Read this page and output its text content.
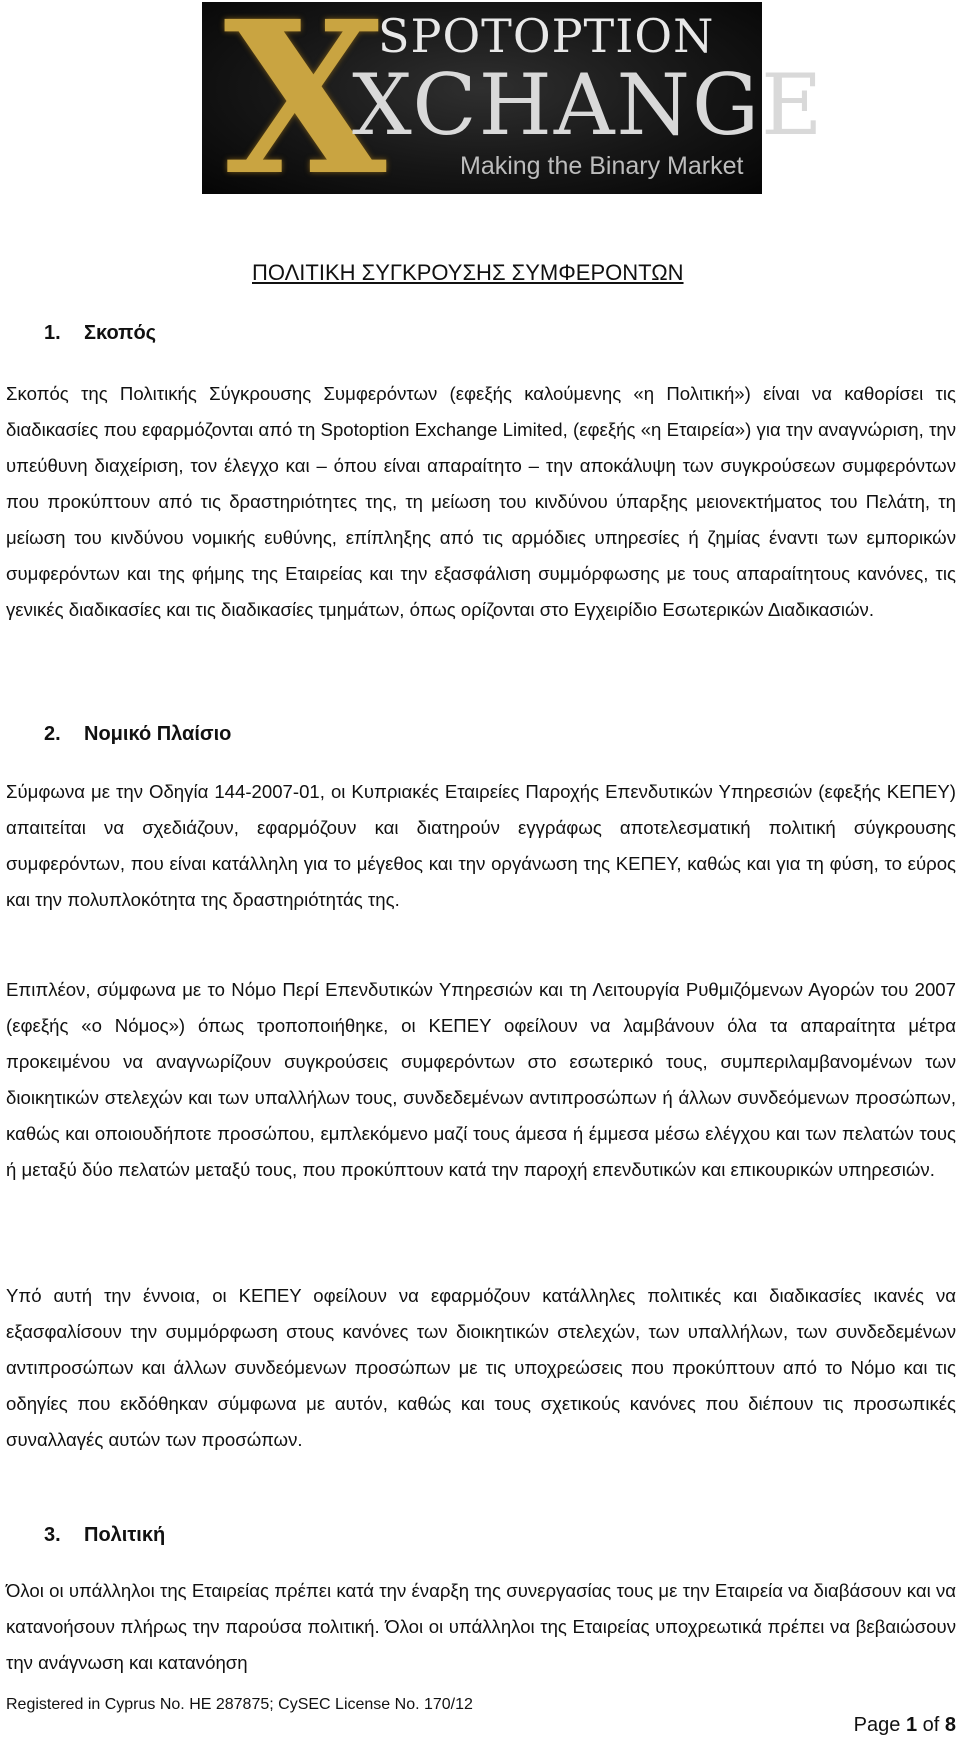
X
SPOTOPTION
XCHANGE
Making the Binary Market
ΠΟΛΙΤΙΚΗ ΣΥΓΚΡΟΥΣΗΣ ΣΥΜΦΕΡΟΝΤΩΝ
1. Σκοπός

Σκοπός της Πολιτικής Σύγκρουσης Συμφερόντων (εφεξής καλούμενης «η Πολιτική») είναι να καθορίσει τις διαδικασίες που εφαρμόζονται από τη Spotoption Exchange Limited, (εφεξής «η Εταιρεία») για την αναγνώριση, την υπεύθυνη διαχείριση, τον έλεγχο και – όπου είναι απαραίτητο – την αποκάλυψη των συγκρούσεων συμφερόντων που προκύπτουν από τις δραστηριότητες της, τη μείωση του κινδύνου ύπαρξης μειονεκτήματος του Πελάτη, τη μείωση του κινδύνου νομικής ευθύνης, επίπληξης από τις αρμόδιες υπηρεσίες ή ζημίας έναντι των εμπορικών συμφερόντων και της φήμης της Εταιρείας και την εξασφάλιση συμμόρφωσης με τους απαραίτητους κανόνες, τις γενικές διαδικασίες και τις διαδικασίες τμημάτων, όπως ορίζονται στο Εγχειρίδιο Εσωτερικών Διαδικασιών.

2. Νομικό Πλαίσιο

Σύμφωνα με την Οδηγία 144-2007-01, οι Κυπριακές Εταιρείες Παροχής Επενδυτικών Υπηρεσιών (εφεξής ΚΕΠΕΥ) απαιτείται να σχεδιάζουν, εφαρμόζουν και διατηρούν εγγράφως αποτελεσματική πολιτική σύγκρουσης συμφερόντων, που είναι κατάλληλη για το μέγεθος και την οργάνωση της ΚΕΠΕΥ, καθώς και για τη φύση, το εύρος και την πολυπλοκότητα της δραστηριότητάς της.

Επιπλέον, σύμφωνα με το Νόμο Περί Επενδυτικών Υπηρεσιών και τη Λειτουργία Ρυθμιζόμενων Αγορών του 2007 (εφεξής «ο Νόμος») όπως τροποποιήθηκε, οι ΚΕΠΕΥ οφείλουν να λαμβάνουν όλα τα απαραίτητα μέτρα προκειμένου να αναγνωρίζουν συγκρούσεις συμφερόντων στο εσωτερικό τους, συμπεριλαμβανομένων των διοικητικών στελεχών και των υπαλλήλων τους, συνδεδεμένων αντιπροσώπων ή άλλων συνδεόμενων προσώπων, καθώς και οποιουδήποτε προσώπου, εμπλεκόμενο μαζί τους άμεσα ή έμμεσα μέσω ελέγχου και των πελατών τους ή μεταξύ δύο πελατών μεταξύ τους, που προκύπτουν κατά την παροχή επενδυτικών και επικουρικών υπηρεσιών.

Υπό αυτή την έννοια, οι ΚΕΠΕΥ οφείλουν να εφαρμόζουν κατάλληλες πολιτικές και διαδικασίες ικανές να εξασφαλίσουν την συμμόρφωση στους κανόνες των διοικητικών στελεχών, των υπαλλήλων, των συνδεδεμένων αντιπροσώπων και άλλων συνδεόμενων προσώπων με τις υποχρεώσεις που προκύπτουν από το Νόμο και τις οδηγίες που εκδόθηκαν σύμφωνα με αυτόν, καθώς και τους σχετικούς κανόνες που διέπουν τις προσωπικές συναλλαγές αυτών των προσώπων.

3. Πολιτική

Όλοι οι υπάλληλοι της Εταιρείας πρέπει κατά την έναρξη της συνεργασίας τους με την Εταιρεία να διαβάσουν και να κατανοήσουν πλήρως την παρούσα πολιτική. Όλοι οι υπάλληλοι της Εταιρείας υποχρεωτικά πρέπει να βεβαιώσουν την ανάγνωση και κατανόηση

Registered in Cyprus No. HE 287875; CySEC License No. 170/12
Page 1 of 8
